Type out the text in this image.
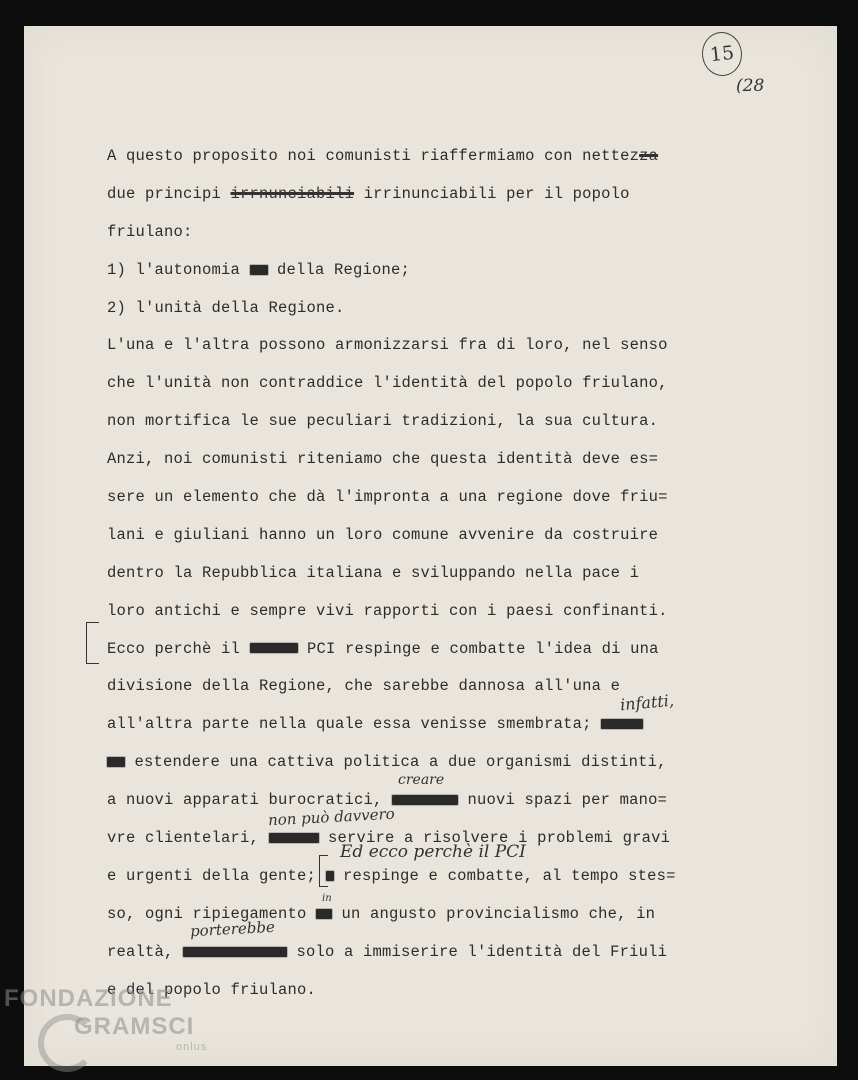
15
(28
A questo proposito noi comunisti riaffermiamo con nettezza
due principi irrnunciabili irrinunciabili per il popolo
friulano:
1) l'autonomia  della Regione;
2) l'unità della Regione.
L'una e l'altra possono armonizzarsi fra di loro, nel senso
che l'unità non contraddice l'identità del popolo friulano,
non mortifica le sue peculiari tradizioni, la sua cultura.
Anzi, noi comunisti riteniamo che questa identità deve es=
sere un elemento che dà l'impronta a una regione dove friu=
lani e giuliani hanno un loro comune avvenire da costruire
dentro la Repubblica italiana e sviluppando nella pace i
loro antichi e sempre vivi rapporti con i paesi confinanti.
Ecco perchè il	PCI respinge e combatte l'idea di una
divisione della Regione, che sarebbe dannosa all'una e
all'altra parte nella quale essa venisse smembrata;
estendere una cattiva politica a due organismi distinti,
a nuovi apparati burocratici,	nuovi spazi per mano=
vre clientelari,	servire a risolvere i problemi gravi
e urgenti della gente;  respinge e combatte, al tempo stes=
so, ogni ripiegamento  un angusto provincialismo che, in
realtà,	solo a immiserire l'identità del Friuli
e del popolo friulano.
infatti,
creare
non può davvero
Ed ecco perchè il PCI
in
porterebbe
FONDAZIONE
GRAMSCI
onlus
